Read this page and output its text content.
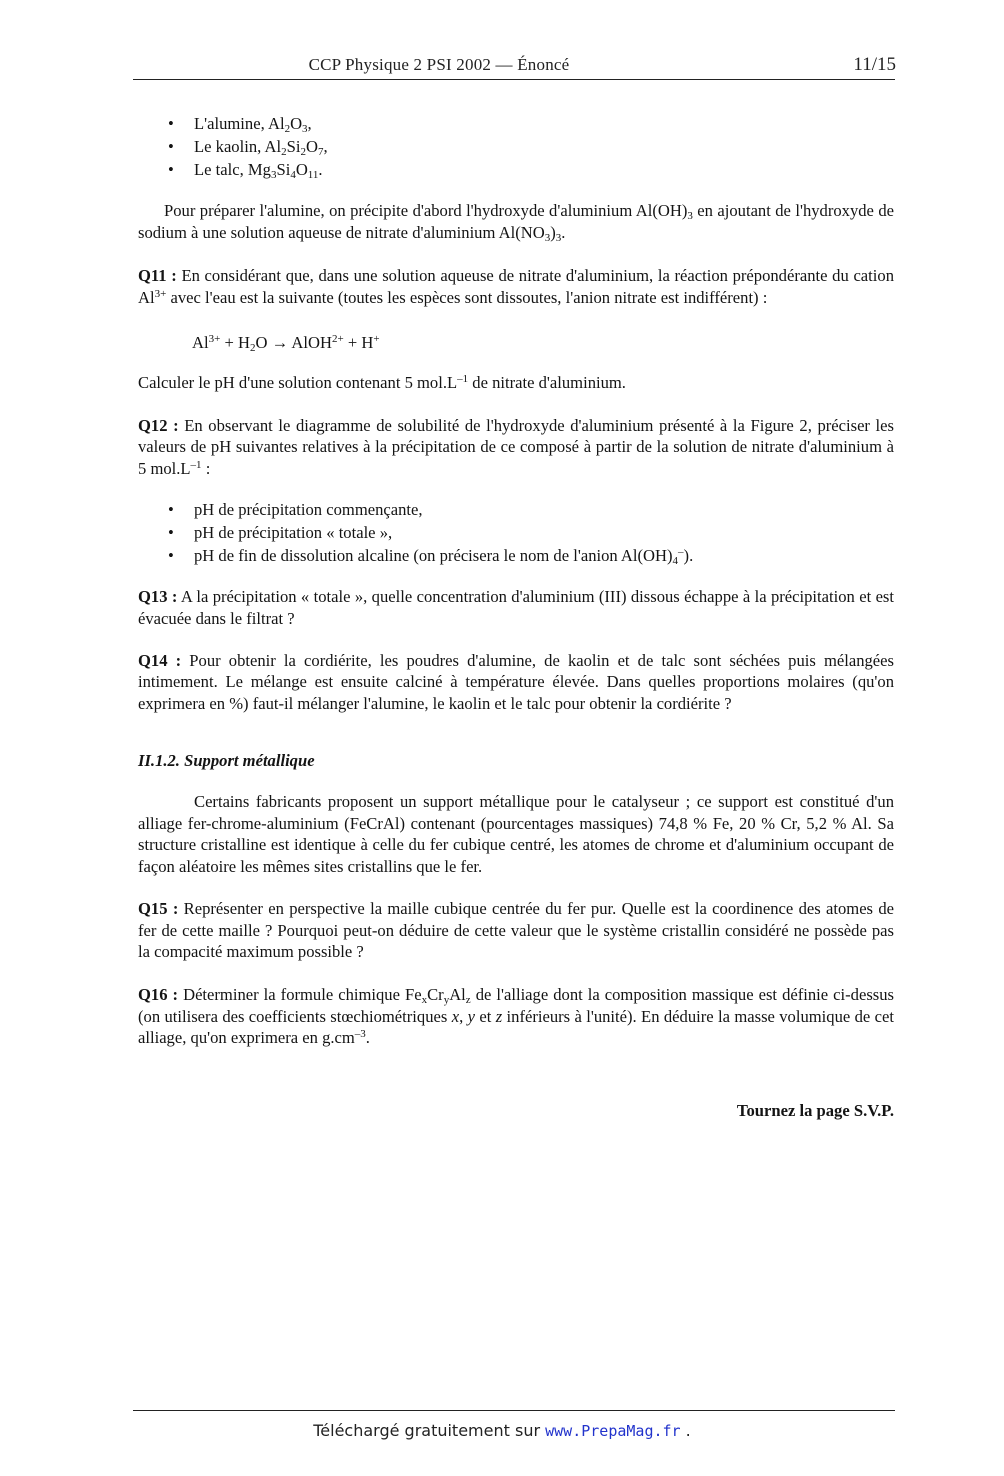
CCP Physique 2 PSI 2002 — Énoncé	11/15
• L'alumine, $Al_2O_3$,
• Le kaolin, $Al_2Si_2O_7$,
• Le talc, $Mg_3Si_4O_{11}$.

Pour préparer l'alumine, on précipite d'abord l'hydroxyde d'aluminium $Al(OH)_3$ en ajoutant de l'hydroxyde de sodium à une solution aqueuse de nitrate d'aluminium $Al(NO_3)_3$.

Q11 : En considérant que, dans une solution aqueuse de nitrate d'aluminium, la réaction prépondérante du cation $Al^{3+}$ avec l'eau est la suivante (toutes les espèces sont dissoutes, l'anion nitrate est indifférent) :

$Al^{3+} + H_2O$ → AlOH$^{2+}$ + H+

Calculer le pH d'une solution contenant 5 $mol.L^{-1}$ de nitrate d'aluminium.

Q12 : En observant le diagramme de solubilité de l'hydroxyde d'aluminium présenté à la Figure 2, préciser les valeurs de pH suivantes relatives à la précipitation de ce composé à partir de la solution de nitrate d'aluminium à 5 $mol.L^{-1}$ :

• pH de précipitation commençante,
• pH de précipitation « totale »,
• pH de fin de dissolution alcaline (on précisera le nom de l'anion $Al(OH)_4^-$).

Q13 : A la précipitation « totale », quelle concentration d'aluminium (III) dissous échappe à la précipitation et est évacuée dans le filtrat ?

Q14 : Pour obtenir la cordiérite, les poudres d'alumine, de kaolin et de talc sont séchées puis mélangées intimement. Le mélange est ensuite calciné à température élevée. Dans quelles proportions molaires (qu'on exprimera en %) faut-il mélanger l'alumine, le kaolin et le talc pour obtenir la cordiérite ?

II.1.2. Support métallique

Certains fabricants proposent un support métallique pour le catalyseur ; ce support est constitué d'un alliage fer-chrome-aluminium (FeCrAl) contenant (pourcentages massiques) 74,8 % Fe, 20 % Cr, 5,2 % Al. Sa structure cristalline est identique à celle du fer cubique centré, les atomes de chrome et d'aluminium occupant de façon aléatoire les mêmes sites cristallins que le fer.

Q15 : Représenter en perspective la maille cubique centrée du fer pur. Quelle est la coordinence des atomes de fer de cette maille ? Pourquoi peut-on déduire de cette valeur que le système cristallin considéré ne possède pas la compacité maximum possible ?

Q16 : Déterminer la formule chimique $Fe_xCr_yAl_z$ de l'alliage dont la composition massique est définie ci-dessus (on utilisera des coefficients stœchiométriques x, y et z inférieurs à l'unité). En déduire la masse volumique de cet alliage, qu'on exprimera en $g.cm^{-3}$.

Tournez la page S.V.P.

Téléchargé gratuitement sur www.PrepaMag.fr .
